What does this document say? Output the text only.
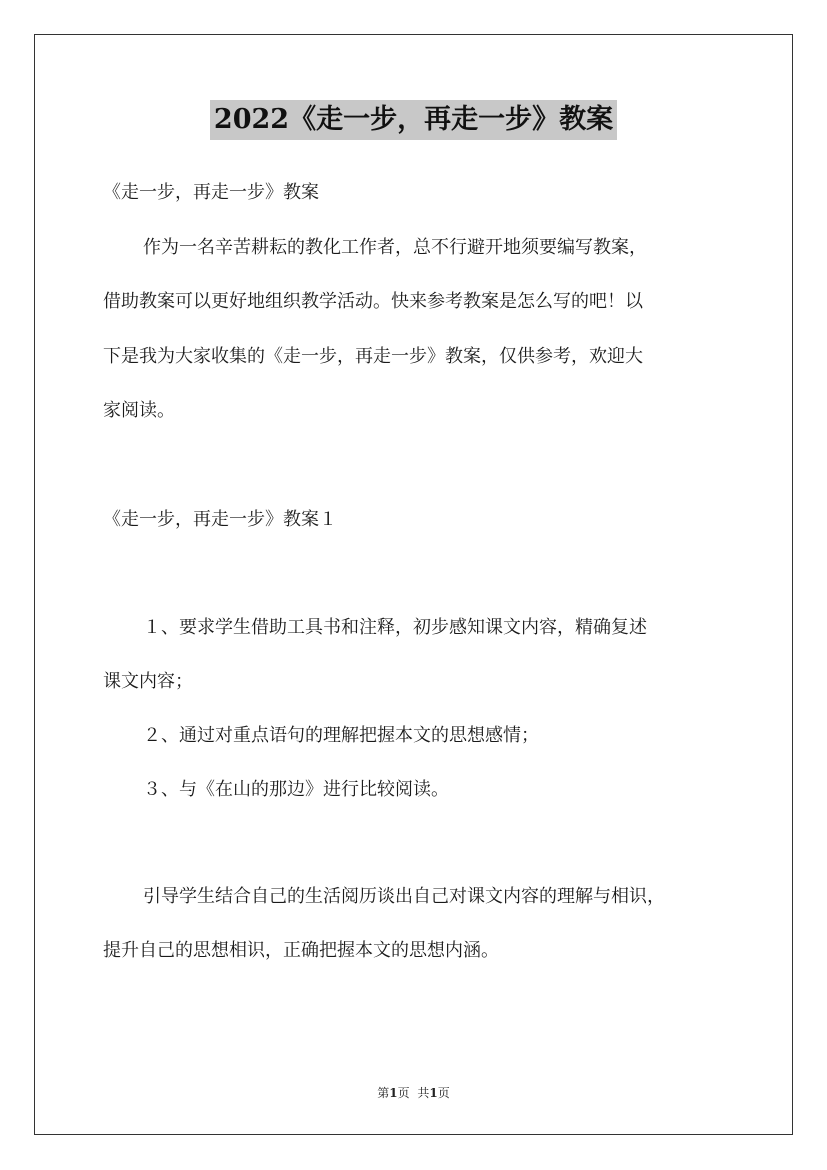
2022《走一步，再走一步》教案
《走一步，再走一步》教案
作为一名辛苦耕耘的教化工作者，总不行避开地须要编写教案，
借助教案可以更好地组织教学活动。快来参考教案是怎么写的吧！以
下是我为大家收集的《走一步，再走一步》教案，仅供参考，欢迎大
家阅读。
《走一步，再走一步》教案１
１、要求学生借助工具书和注释，初步感知课文内容，精确复述
课文内容；
２、通过对重点语句的理解把握本文的思想感情；
３、与《在山的那边》进行比较阅读。
引导学生结合自己的生活阅历谈出自己对课文内容的理解与相识，
提升自己的思想相识，正确把握本文的思想内涵。
第1页 共1页
